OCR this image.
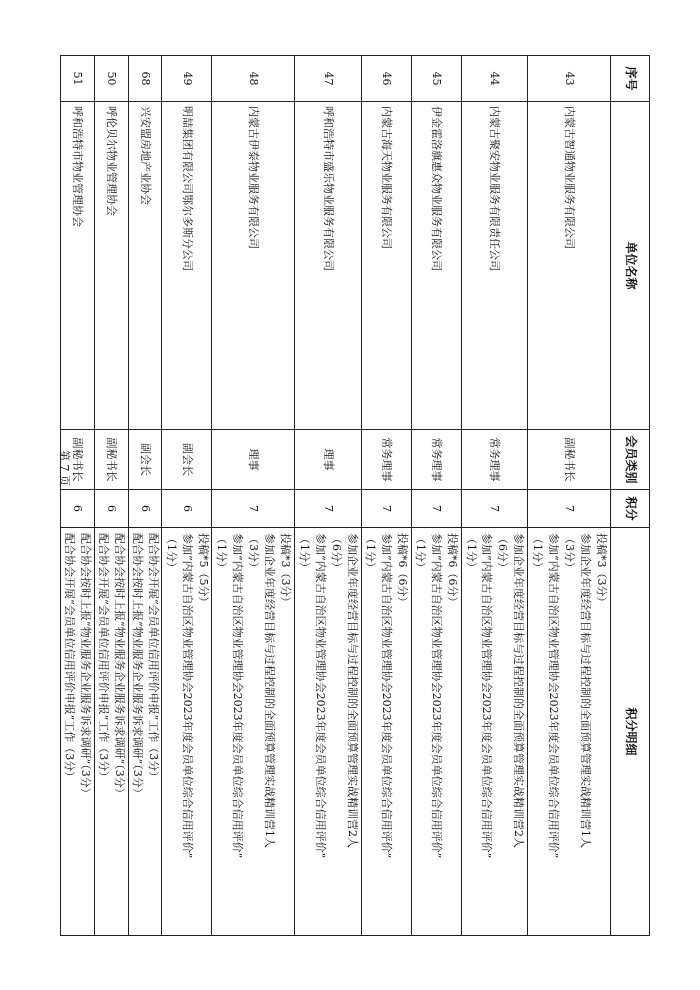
序号	单位名称	会员类别	积分	积分明细
43	内蒙古智通物业服务有限公司	副秘书长	7	投稿*3（3分）
参加企业年度经营目标与过程控制的全面预算管理实战精训营1人
（3分）
参加“内蒙古自治区物业管理协会2023年度会员单位综合信用评价”
（1分）

44	内蒙古聚安物业服务有限责任公司	常务理事	7	参加企业年度经营目标与过程控制的全面预算管理实战精训营2人
（6分）
参加“内蒙古自治区物业管理协会2023年度会员单位综合信用评价”
（1分）

45	伊金霍洛旗惠众物业服务有限公司	常务理事	7	投稿*6（6分）
参加“内蒙古自治区物业管理协会2023年度会员单位综合信用评价”
（1分）

46	内蒙古海天物业服务有限公司	常务理事	7	投稿*6（6分）
参加“内蒙古自治区物业管理协会2023年度会员单位综合信用评价”
（1分）

47	呼和浩特市盛乐物业服务有限公司	理事	7	参加企业年度经营目标与过程控制的全面预算管理实战精训营2人
（6分）
参加“内蒙古自治区物业管理协会2023年度会员单位综合信用评价”
（1分）

48	内蒙古伊泰物业服务有限公司	理事	7	投稿*3（3分）
参加企业年度经营目标与过程控制的全面预算管理实战精训营1人
（3分）
参加“内蒙古自治区物业管理协会2023年度会员单位综合信用评价”
（1分）

49	明喆集团有限公司鄂尔多斯分公司	副会长	6	投稿*5（5分）
参加“内蒙古自治区物业管理协会2023年度会员单位综合信用评价”
（1分）

68	兴安盟房地产业协会	副会长	6	配合协会开展“会员单位信用评价申报”工作（3分）
配合协会按时上报“物业服务企业服务诉求调研”（3分）

50	呼伦贝尔物业管理协会	副秘书长	6	配合协会按时上报“物业服务企业服务诉求调研”（3分）
配合协会开展“会员单位信用评价申报”工作（3分）

51	呼和浩特市物业管理协会	副秘书长	6	配合协会按时上报“物业服务企业服务诉求调研”（3分）
配合协会开展“会员单位信用评价申报”工作（3分）
第 7 页
